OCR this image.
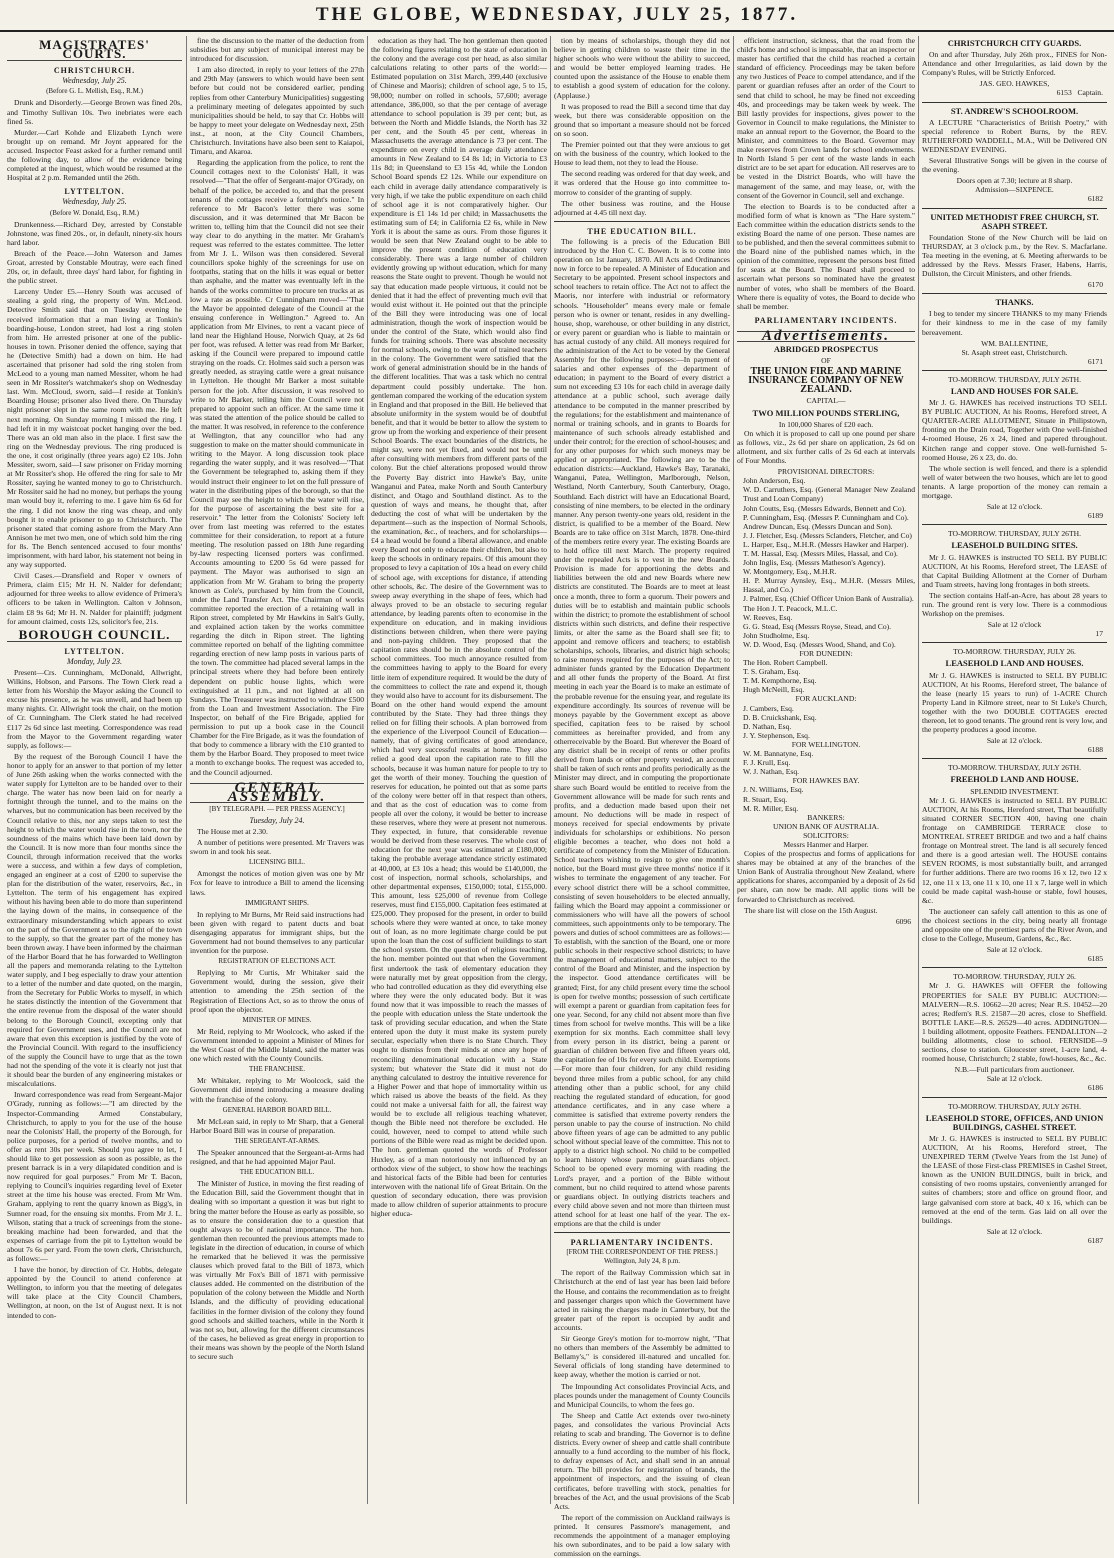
THE GLOBE, WEDNESDAY, JULY 25, 1877.
MAGISTRATES' COURTS.
CHRISTCHURCH.
Wednesday, July 25.
(Before G. L. Mellish, Esq., R.M.)

Drunk and Disorderly.—George Brown was fined 20s, and Timothy Sullivan 10s. Two inebriates were each fined 5s.

Murder.—Carl Kohde and Elizabeth Lynch were brought up on remand. Mr Joynt appeared for the accused. Inspector Feast asked for a further remand until the following day, to allow of the evidence being completed at the inquest, which would be resumed at the Hospital at 2 p.m. Remanded until the 26th.

LYTTELTON.
Wednesday, July 25.
(Before W. Donald, Esq., R.M.)

Drunkenness.—Richard Dey, arrested by Constable Johnstone, was fined 20s., or, in default, ninety-six hours hard labor.

Breach of the Peace.—John Waterson and James Groat, arrested by Constable Moutray, were each fined 20s, or, in default, three days' hard labor, for fighting in the public street.

Larceny Under £5.—Henry South was accused of stealing a gold ring, the property of Wm. McLeod. Detective Smith said that on Tuesday evening he received information that a man living at Tonkin's boarding-house, London street, had lost a ring stolen from him. He arrested prisoner at one of the public-houses in town. Prisoner denied the offence, saying that he (Detective Smith) had a down on him. He had ascertained that prisoner had sold the ring stolen from McLeod to a young man named Messiter, whom he had seen in Mr Rossiter's watchmaker's shop on Wednesday last. Wm. McCloud, sworn, said—I reside at Tonkin's Boarding House; prisoner also lived there. On Thursday night prisoner slept in the same room with me. He left next morning. On Sunday morning I missed the ring. I had left it in my waistcoat pocket hanging over the bed. There was an old man also in the place. I first saw the ring on the Wednesday previous. The ring produced is the one, it cost originally (three years ago) £2 10s. John Messiter, sworn, said—I saw prisoner on Friday morning at Mr Rossiter's shop. He offered the ring for sale to Mr Rossiter, saying he wanted money to go to Christchurch. Mr Rossiter said he had no money, but perhaps the young man would buy it, referring to me. I gave him 6s 6d for the ring. I did not know the ring was cheap, and only bought it to enable prisoner to go to Christchurch. The prisoner stated that coming ashore from the Mary Ann Annison he met two men, one of which sold him the ring for 8s. The Bench sentenced accused to four months' imprisonment, with hard labor, his statement not being in any way supported.

Civil Cases.—Dransfield and Roper v owners of Primera, claim £15; Mr H. N. Nalder for defendant; adjourned for three weeks to allow evidence of Primera's officers to be taken in Wellington. Calton v Johnson, claim £8 9s 6d; Mr H. N. Nalder for plaintiff; judgment for amount claimed, costs 12s, solicitor's fee, 21s.

BOROUGH COUNCIL.
LYTTELTON.
Monday, July 23.

Present—Crs. Cunningham, McDonald, Allwright, Wilkins, Hobson, and Parsons. The Town Clerk read a letter from his Worship the Mayor asking the Council to excuse his presence, as he was unwell, and had been up many nights. Cr. Allwright took the chair, on the motion of Cr. Cunningham. The Clerk stated he had received £117 2s 6d since last meeting. Correspondence was read from the Mayor to the Government regarding water supply, as follows:—

By the request of the Borough Council I have the honor to apply for an answer to that portion of my letter of June 26th asking when the works connected with the water supply for Lyttelton are to be handed over to their charge. The water has now been laid on for nearly a fortnight through the tunnel, and to the mains on the wharves, but no communication has been received by the Council relative to this, nor any steps taken to test the height to which the water would rise in the town, nor the soundness of the mains which have been laid down by the Council. It is now more than four months since the Council, through information received that the works were a success, and within a few days of completion, engaged an engineer at a cost of £200 to supervise the plan for the distribution of the water, reservoirs, &c., in Lyttelton. The term of his engagement has expired without his having been able to do more than superintend the laying down of the mains, in consequence of the extraordinary misunderstanding which appears to exist on the part of the Government as to the right of the town to the supply, so that the greater part of the money has been thrown away. I have been informed by the chairman of the Harbor Board that he has forwarded to Wellington all the papers and memoranda relating to the Lyttelton water supply, and I beg especially to draw your attention to a letter of the number and date quoted, on the margin, from the Secretary for Public Works to myself, in which he states distinctly the intention of the Government that the entire revenue from the disposal of the water should belong to the Borough Council, excepting only that required for Government uses, and the Council are not aware that even this exception is justified by the vote of the Provincial Council. With regard to the insufficiency of the supply the Council have to urge that as the town had not the spending of the vote it is clearly not just that it should bear the burden of any engineering mistakes or miscalculations.

Inward correspondence was read from Sergeant-Major O'Grady, running as follows:—"I am directed by the Inspector-Commanding Armed Constabulary, Christchurch, to apply to you for the use of the house near the Colonists' Hall, the property of the Borough, for police purposes, for a period of twelve months, and to offer as rent 30s per week. Should you agree to let, I should like to get possession as soon as possible, as the present barrack is in a very dilapidated condition and is now required for goal purposes." From Mr T. Bacon, replying to Council's inquiries regarding level of Exeter street at the time his house was erected. From Mr Wm. Graham, applying to rent the quarry known as Bigg's, in Sumner road, for the ensuing six months. From Mr J. L. Wilson, stating that a truck of screenings from the stone-breaking machine had been forwarded, and that the expenses of carriage from the pit to Lyttelton would be about 7s 6s per yard. From the town clerk, Christchurch, as follows:—

I have the honor, by direction of Cr. Hobbs, delegate appointed by the Council to attend conference at Wellington, to inform you that the meeting of delegates will take place at the City Council Chambers, Wellington, at noon, on the 1st of August next. It is not intended to con-

fine the discussion to the matter of the deduction from subsidies but any subject of municipal interest may be introduced for discussion.

I am also directed, in reply to your letters of the 27th and 29th May (answers to which would have been sent before but could not be considered earlier, pending replies from other Canterbury Municipalities) suggesting a preliminary meeting of delegates appointed by such municipalities should be held, to say that Cr. Hobbs will be happy to meet your delegate on Wednesday next, 25th inst., at noon, at the City Council Chambers, Christchurch. Invitations have also been sent to Kaiapoi, Timaru, and Akaroa.

Regarding the application from the police, to rent the Council cottages next to the Colonists' Hall, it was resolved—"That the offer of Sergeant-major O'Grady, on behalf of the police, be acceded to, and that the present tenants of the cottages receive a fortnight's notice." In reference to Mr Bacon's letter there was some discussion, and it was determined that Mr Bacon be written to, telling him that the Council did not see their way clear to do anything in the matter. Mr Graham's request was referred to the estates committee. The letter from Mr J. L. Wilson was then considered. Several councillors spoke highly of the screenings for use on footpaths, stating that on the hills it was equal or better than asphalte, and the matter was eventually left in the hands of the works committee to procure ten trucks at as low a rate as possible. Cr Cunningham moved—"That the Mayor be appointed delegate of the Council at the ensuing conference in Wellington." Agreed to. An application from Mr Elvines, to rent a vacant piece of land near the Highland House, Norwich Quay, at 2s 6d per foot, was refused. A letter was read from Mr Barker, asking if the Council were prepared to impound cattle straying on the roads. Cr. Holmes said such a person was greatly needed, as straying cattle were a great nuisance in Lyttelton. He thought Mr Barker a most suitable person for the job. After discussion, it was resolved to write to Mr Barker, telling him the Council were not prepared to appoint such an officer. At the same time it was stated the attention of the police should be called to the matter. It was resolved, in reference to the conference at Wellington, that any councillor who had any suggestion to make on the matter should communicate in writing to the Mayor. A long discussion took place regarding the water supply, and it was resolved—"That the Government be telegraphed to, asking them if they would instruct their engineer to let on the full pressure of water in the distributing pipes of the borough, so that the Council may see the height to which the water will rise, for the purpose of ascertaining the best site for a reservoir." The letter from the Colonists' Society left over from last meeting was referred to the estates committee for their consideration, to report at a future meeting. The resolution passed on 18th June regarding by-law respecting licensed porters was confirmed. Accounts amounting to £200 5s 6d were passed for payment. The Mayor was authorised to sign an application from Mr W. Graham to bring the property known as Cole's, purchased by him from the Council, under the Land Transfer Act. The Chairman of works committee reported the erection of a retaining wall in Ripon street, completed by Mr Hawkins in Salt's Gully, and explained action taken by the works committee regarding the ditch in Ripon street. The lighting committee reported on behalf of the lighting committee regarding erection of new lamp posts in various parts of the town. The committee had placed several lamps in the principal streets where they had before been entirely dependent on public house lights, which were extinguished at 11 p.m., and not lighted at all on Sundays. The Treasurer was instructed to withdraw £500 from the Loan and Investment Association. The Fire Inspector, on behalf of the Fire Brigade, applied for permission to put up a book case in the Council Chamber for the Fire Brigade, as it was the foundation of that body to commence a library with the £10 granted to them by the Harbor Board. They proposed to meet twice a month to exchange books. The request was acceded to, and the Council adjourned.

GENERAL ASSEMBLY.
[BY TELEGRAPH. — PER PRESS AGENCY.]
Tuesday, July 24.

The House met at 2.30.

A number of petitions were presented. Mr Travers was sworn in and took his seat.

LICENSING BILL.

Amongst the notices of motion given was one by Mr Fox for leave to introduce a Bill to amend the licensing laws.

IMMIGRANT SHIPS.

In replying to Mr Burns, Mr Reid said instructions had been given with regard to patent ducts and boat disengaging apparatus for immigrant ships, but the Government had not bound themselves to any particular invention for the purpose.

REGISTRATION OF ELECTIONS ACT.

Replying to Mr Curtis, Mr Whitaker said the Government would, during the session, give their attention to amending the 25th section of the Registration of Elections Act, so as to throw the onus of proof upon the objector.

MINISTER OF MINES.

Mr Reid, replying to Mr Woolcock, who asked if the Government intended to appoint a Minister of Mines for the West Coast of the Middle Island, said the matter was one which rested with the County Councils.

THE FRANCHISE.

Mr Whitaker, replying to Mr Woolcock, said the Government did intend introducing a measure dealing with the franchise of the colony.

GENERAL HARBOR BOARD BILL.

Mr McLean said, in reply to Mr Sharp, that a General Harbor Board Bill was in course of preparation.

THE SERGEANT-AT-ARMS.

The Speaker announced that the Sergeant-at-Arms had resigned, and that he had appointed Major Paul.

THE EDUCATION BILL.

The Minister of Justice, in moving the first reading of the Education Bill, said the Government thought that in dealing with so important a question it was but right to bring the matter before the House as early as possible, so as to ensure the consideration due to a question that ought always to be of national importance. The hon. gentleman then recounted the previous attempts made to legislate in the direction of education, in course of which he remarked that he believed it was the permissive clauses which proved fatal to the Bill of 1873, which was virtually Mr Fox's Bill of 1871 with permissive clauses added. He commented on the distribution of the population of the colony between the Middle and North Islands, and the difficulty of providing educational facilities in the former division of the colony they found good schools and skilled teachers, while in the North it was not so, but, allowing for the different circumstances of the cases, he believed as great energy in proportion to their means was shown by the people of the North Island to secure such

education as they had. The hon gentleman then quoted the following figures relating to the state of education in the colony and the average cost per head, as also similar calculations relating to other parts of the world:—Estimated population on 31st March, 399,440 (exclusive of Chinese and Maoris); children of school age, 5 to 15, 98,000; number on rolled in schools, 57,600; average attendance, 386,000, so that the per centage of average attendance to school population is 39 per cent; but, as between the North and Middle Islands, the North has 32 per cent, and the South 45 per cent, whereas in Massachusetts the average attendance is 73 per cent. The expenditure on every child in average daily attendance amounts in New Zealand to £4 8s 1d; in Victoria to £3 11s 8d; in Queensland to £3 15s 4d, while the London School Board spends £2 12s. While our expenditure on each child in average daily attendance comparatively is very high, if we take the public expenditure on each child of school age it is not comparatively higher. Our expenditure is £1 14s 1d per child; in Massachusetts the estimating sum of £4; in California £2 6s, while in New York it is about the same as ours. From those figures it would be seen that New Zealand ought to be able to improve the present condition of education very considerably. There was a large number of children evidently growing up without education, which for many reasons the State ought to prevent. Though he would not say that education made people virtuous, it could not be denied that it had the effect of preventing much evil that would exist without it. He pointed out that the principle of the Bill they were introducing was one of local administration, though the work of inspection would be under the control of the State, which would also find funds for training schools. There was absolute necessity for normal schools, owing to the want of trained teachers in the colony. The Government were satisfied that the work of general administration should be in the hands of the different localities. That was a task which no central department could possibly undertake. The hon. gentleman compared the working of the education system in England and that proposed in the Bill. He believed that absolute uniformity in the system would be of doubtful benefit, and that it would be better to allow the system to grow up from the working and experience of their present School Boards. The exact boundaries of the districts, he might say, were not yet fixed, and would not be until after consulting with members from different parts of the colony. But the chief alterations proposed would throw the Poverty Bay district into Hawke's Bay, unite Wanganui and Patea, make North and South Canterbury distinct, and Otago and Southland distinct. As to the question of ways and means, he thought that, after deducting the cost of what will be undertaken by the department—such as the inspection of Normal Schools, the examination, &c., of teachers, and for scholarships—£4 a head would be found a liberal allowance, and enable every Board not only to educate their children, but also to keep the schools in ordinary repairs. Of this amount they proposed to levy a capitation of 10s a head on every child of school age, with exceptions for distance, if attending other schools, &c. The desire of the Government was to sweep away everything in the shape of fees, which had always proved to be an obstacle to securing regular attendance, by leading parents often to economise in the expenditure on education, and in making invidious distinctions between children, when there were paying and non-paying children. They proposed that the capitation rates should be in the absolute control of the school committees. Too much annoyance resulted from the committees having to apply to the Board for every little item of expenditure required. It would be the duty of the committees to collect the rate and expend it, though they would also have to account for its disbursement. The Board on the other hand would expend the amount contributed by the State. They had three things they relied on for filling their schools. A plan borrowed from the experience of the Liverpool Council of Education—namely, that of giving certificates of good attendance, which had very successful results at home. They also relied a good deal upon the capitation rate to fill the schools, because it was human nature for people to try to get the worth of their money. Touching the question of reserves for education, he pointed out that as some parts of the colony were better off in that respect than others, and that as the cost of education was to come from people all over the colony, it would be better to increase these reserves, where they were at present not numerous. They expected, in future, that considerable revenue would be derived from these reserves. The whole cost of education for the next year was estimated at £180,000; taking the probable average attendance strictly estimated at 40,000, at £3 10s a head; this would be £140,000, the cost of inspection, normal schools, scholarships, and other departmental expenses, £150,000; total, £155,000. This amount, less £25,000 of revenue from College reserves, must find £155,000. Capitation fees estimated at £25,000. They proposed for the present, in order to build schools where they were wanted at once, to take money out of loan, as no more legitimate charge could be put upon the loan than the cost of sufficient buildings to start the school system. On the question of religious teaching, the hon. member pointed out that when the Government first undertook the task of elementary education they were naturally met by great opposition from the clergy, who had controlled education as they did everything else where they were the only educated body. But it was found now that it was impossible to reach the masses of the people with education unless the State undertook the task of providing secular education, and when the State entered upon the duty it must make its system purely secular, especially when there is no State Church. They ought to dismiss from their minds at once any hope of reconciling denominational education with a State system; but whatever the State did it must not do anything calculated to destroy the intuitive reverence for a Higher Power and that hope of immortality within us which raised us above the beasts of the field. As they could not make a universal faith for all, the fairest way would be to exclude all religious teaching whatever, though the Bible need not therefore be excluded. He could, however, need to compel to attend while such portions of the Bible were read as might be decided upon. The hon. gentleman quoted the words of Professor Huxley, as of a man notoriously not influenced by an orthodox view of the subject, to show how the teachings and historical facts of the Bible had been for centuries interwoven with the national life of Great Britain. On the question of secondary education, there was provision made to allow children of superior attainments to procure higher educa-

tion by means of scholarships, though they did not believe in getting children to waste their time in the higher schools who were without the ability to succeed, and would be better employed learning trades. He counted upon the assistance of the House to enable them to establish a good system of education for the colony. (Applause.)

It was proposed to read the Bill a second time that day week, but there was considerable opposition on the ground that so important a measure should not be forced on so soon.

The Premier pointed out that they were anxious to get on with the business of the country, which looked to the House to lead them, not they to lead the House.

The second reading was ordered for that day week, and it was ordered that the House go into committee to-morrow to consider of the granting of supply.

The other business was routine, and the House adjourned at 4.45 till next day.

THE EDUCATION BILL.

The following is a precis of the Education Bill introduced by the Hon C. C. Bowen. It is to come into operation on 1st January, 1870. All Acts and Ordinances now in force to be repealed. A Minister of Education and Secretary to be appointed. Present school inspectors and school teachers to retain office. The Act not to affect the Maoris, nor interfere with industrial or reformatory schools. "Householder" means every male or female person who is owner or tenant, resides in any dwelling-house, shop, warehouse, or other building in any district, or every parent or guardian who is liable to maintain or has actual custody of any child. All moneys required for the administration of the Act to be voted by the General Assembly for the following purposes:—In payment of salaries and other expenses of the department of education; in payment to the Board of every district a sum not exceeding £3 10s for each child in average daily attendance at a public school, such average daily attendance to be computed in the manner prescribed by the regulations; for the establishment and maintenance of normal or training schools, and in grants to Boards for maintenance of such schools already established and under their control; for the erection of school-houses; and for any other purposes for which such moneys may be applied or appropriated. The following are to be the education districts:—Auckland, Hawke's Bay, Taranaki, Wanganui, Patea, Wellington, Marlborough, Nelson, Westland, North Canterbury, South Canterbury, Otago, Southland. Each district will have an Educational Board, consisting of nine members, to be elected in the ordinary manner. Any person twenty-one years old, resident in the district, is qualified to be a member of the Board. New Boards are to take office on 31st March, 1878. One-third of the members retire every year. The existing Boards are to hold office till next March. The property required under the repealed Acts is to vest in the new Boards. Provision is made for apportioning the debts and liabilities between the old and new Boards where new districts are constituted. The Boards are to meet at least once a month, three to form a quorum. Their powers and duties will be to establish and maintain public schools within the district; to promote the establishment of school districts within such districts, and define their respective limits, or alter the same as the Board shall see fit; to appoint and remove officers and teachers; to establish scholarships, schools, libraries, and district high schools; to raise moneys required for the purposes of the Act; to administer funds granted by the Education Department and all other funds the property of the Board. At first meeting in each year the Board is to make an estimate of the probable revenue for the ensuing year, and regulate its expenditure accordingly. Its sources of revenue will be moneys payable by the Government except as above specified, capitation fees to be raised by school committees as hereinafter provided, and from any otherreceivable by the Board. But wherever the Board of any district shall be in receipt of rents or other profits derived from lands or other property vested, an account shall be taken of such rents and profits periodically as the Minister may direct, and in computing the proportionate share such Board would be entitled to receive from the Government allowance will be made for such rents and profits, and a deduction made based upon their net amount. No deductions will be made in respect of moneys received for special endowments by private individuals for scholarships or exhibitions. No person eligible becomes a teacher, who does not hold a certificate of competency from the Minister of Education. School teachers wishing to resign to give one month's notice, but the Board must give three months' notice if it wishes to terminate the engagement of any teacher. For every school district there will be a school committee, consisting of seven householders to be elected annually, failing which the Board may appoint a commissioner or commissioners who will have all the powers of school committees, such appointments only to be temporary. The powers and duties of school committees are as follows:—To establish, with the sanction of the Board, one or more public schools in their respective school districts; to have the management of educational matters, subject to the control of the Board and Minister, and the inspection by the inspector. Good attendance certificates will be granted; First, for any child present every time the school is open for twelve months; possession of such certificate will exempt a parent or guardian from capitation fees for one year. Second, for any child not absent more than five times from school for twelve months. This will be a like exemption for six months. Each committee shall levy from every person in its district, being a parent or guardian of children between five and fifteen years old, the capitation fee of 10s for every such child. Exemptions—For more than four children, for any child residing beyond three miles from a public school, for any child attending other than a public school, for any child reaching the regulated standard of education, for good attendance certificates, and in any case where a committee is satisfied that extreme poverty renders the person unable to pay the course of instruction. No child above fifteen years of age can be admitted to any public school without special leave of the committee. This not to apply to a district high school. No child to be compelled to learn history whose parents or guardians object. School to be opened every morning with reading the Lord's prayer, and a portion of the Bible without comment, but no child required to attend whose parents or guardians object. In outlying districts teachers and every child above seven and not more than thirteen must attend school for at least one half of the year. The ex-emptions are that the child is under

PARLIAMENTARY INCIDENTS.
[FROM THE CORRESPONDENT OF THE PRESS.] Wellington, July 24, 8 p.m.

The report of the Railway Commission which sat in Christchurch at the end of last year has been laid before the House, and contains the recommendation as to freight and passenger charges upon which the Government have acted in raising the charges made in Canterbury, but the greater part of the report is occupied by audit and accounts.

Sir George Grey's motion for to-morrow night, "That no others than members of the Assembly be admitted to Bellamy's," is considered ill-natured and uncalled for. Several officials of long standing have determined to keep away, whether the motion is carried or not.

The Impounding Act consolidates Provincial Acts, and places pounds under the management of County Councils and Municipal Councils, to whom the fees go.

The Sheep and Cattle Act extends over two-ninety pages, and consolidates the various Provincial Acts relating to scab and branding. The Governor is to define districts. Every owner of sheep and cattle shall contribute annually to a fund according to the number of his flock, to defray expenses of Act, and shall send in an annual return. The bill provides for registration of brands, the appointment of inspectors, and the issuing of clean certificates, before travelling with stock, penalties for breaches of the Act, and the usual provisions of the Scab Acts.

The report of the commission on Auckland railways is printed. It censures Passmore's management, and recommends the appointment of a manager employing his own subordinates, and to be paid a low salary with commission on the earnings.

efficient instruction, sickness, that the road from the child's home and school is impassable, that an inspector or master has certified that the child has reached a certain standard of efficiency. Proceedings may be taken before any two Justices of Peace to compel attendance, and if the parent or guardian refuses after an order of the Court to send that child to school, he may be fined not exceeding 40s, and proceedings may be taken week by week. The Bill lastly provides for inspections, gives power to the Governor in Council to make regulations, the Minister to make an annual report to the Governor, the Board to the Minister, and committees to the Board. Governor may make reserves from Crown lands for school endowments. In North Island 5 per cent of the waste lands in each district are to be set apart for education. All reserves are to be vested in the District Boards, who will have the management of the same, and may lease, or, with the consent of the Governor in Council, sell and exchange.

The election to Boards is to be conducted after a modified form of what is known as "The Hare system." Each committee within the education districts sends to the existing Board the name of one person. These names are to be published, and then the several committees submit to the Board nine of the published names which, in the opinion of the committee, represent the persons best fitted for seats at the Board. The Board shall proceed to ascertain what persons so nominated have the greatest number of votes, who shall be members of the Board. Where there is equality of votes, the Board to decide who shall be member.

PARLIAMENTARY INCIDENTS.
Advertisements.
ABRIDGED PROSPECTUS
OF
THE UNION FIRE AND MARINE INSURANCE COMPANY OF NEW ZEALAND.
CAPITAL—
TWO MILLION POUNDS STERLING,
In 100,000 Shares of £20 each.

On which it is proposed to call up one pound per share as follows, viz., 2s 6d per share on application, 2s 6d on allotment, and six further calls of 2s 6d each at intervals of Four Months.

PROVISIONAL DIRECTORS:
John Anderson, Esq.
W. D. Carruthers, Esq. (General Manager New Zealand Trust and Loan Company)
John Coutts, Esq. (Messrs Edwards, Bennett and Co).
P. Cunningham, Esq. (Messrs P. Cunningham and Co).
Andrew Duncan, Esq. (Messrs Duncan and Son).
J. J. Fletcher, Esq. (Messrs Sclanders, Fletcher, and Co)
L. Harper, Esq., M.H.R. (Messrs Hawker and Harper).
T. M. Hassal, Esq. (Messrs Miles, Hassal, and Co).
John Inglis, Esq. (Messrs Matheson's Agency).
W. Montgomery, Esq., M.H.R.
H. P. Murray Aynsley, Esq., M.H.R. (Messrs Miles, Hassal, and Co.)
J. Palmer, Esq. (Chief Officer Union Bank of Australia).
The Hon J. T. Peacock, M.L.C.
W. Reeves, Esq.
G. G. Stead, Esq (Messrs Royse, Stead, and Co).
John Studholme, Esq.
W. D. Wood, Esq. (Messrs Wood, Shand, and Co).
FOR DUNEDIN:
The Hon. Robert Campbell.
T. S. Graham, Esq.
T. M. Kempthorne, Esq.
Hugh McNeill, Esq.
FOR AUCKLAND:
J. Cambers, Esq.
D. B. Cruickshank, Esq.
D. Nathan, Esq.
J. Y. Stephenson, Esq.
FOR WELLINGTON.
W. M. Bannatyne, Esq.
F. J. Krull, Esq.
W. J. Nathan, Esq.
FOR HAWKES BAY.
J. N. Williams, Esq.
R. Stuart, Esq.
M. R. Miller, Esq.
BANKERS:
UNION BANK OF AUSTRALIA.
SOLICITORS:
Messrs Hanmer and Harper.

Copies of the prospectus and forms of applications for shares may be obtained at any of the branches of the Union Bank of Australia throughout New Zealand, where applications for shares, accompanied by a deposit of 2s 6d per share, can now be made. All applic tions will be forwarded to Christchurch as received.

The share list will close on the 15th August.

6096
CHRISTCHURCH CITY GUARDS.

On and after Thursday, July 26th prox., FINES for Non-Attendance and other Irregularities, as laid down by the Company's Rules, will be Strictly Enforced.

JAS. GEO. HAWKES,
6153 Captain.
ST. ANDREW'S SCHOOLROOM.

A LECTURE "Characteristics of British Poetry," with special reference to Robert Burns, by the REV. RUTHERFORD WADDELL, M.A., Will be Delivered ON WEDNESDAY EVENING.

Several Illustrative Songs will be given in the course of the evening.

Doors open at 7.30; lecture at 8 sharp.
Admission—SIXPENCE.
6182
UNITED METHODIST FREE CHURCH, ST. ASAPH STREET.

Foundation Stone of the New Church will be laid on THURSDAY, at 3 o'clock p.m., by the Rev. S. Macfarlane. Tea meeting in the evening, at 6. Meeting afterwards to be addressed by the Revs. Messrs Fraser, Habens, Harris, Dullston, the Circuit Ministers, and other friends.

6170
THANKS.

I beg to tender my sincere THANKS to my many Friends for their kindness to me in the case of my family bereavement.

WM. BALLENTINE,
St. Asaph street east, Christchurch.
6171
TO-MORROW. THURSDAY, JULY 26TH.
LAND AND HOUSES FOR SALE.

Mr J. G. HAWKES has received instructions TO SELL BY PUBLIC AUCTION, At his Rooms, Hereford street, A QUARTER-ACRE ALLOTMENT, Situate in Philipstown, fronting on the Drain road, Together with One well-finished 4-roomed House, 26 x 24, lined and papered throughout. Kitchen range and copper stove. One well-furnished 5-roomed House, 26 x 23, do. do.

The whole section is well fenced, and there is a splendid well of water between the two houses, which are let to good tenants. A large proportion of the money can remain a mortgage.

Sale at 12 o'clock.
6189
TO-MORROW. THURSDAY, JULY 26TH.
LEASEHOLD BUILDING SITES.

Mr J. G. HAWKES is instructed TO SELL BY PUBLIC AUCTION, At his Rooms, Hereford street, The LEASE of that Capital Building Allotment at the Corner of Durham and Tuam streets, having long frontages in both streets.

The section contains Half-an-Acre, has about 28 years to run. The ground rent is very low. There is a commodious Workshop on the premises.

Sale at 12 o'clock
17
TO-MORROW. THURSDAY, JULY 26.
LEASEHOLD LAND AND HOUSES.

Mr J. G. HAWKES is instructed to SELL BY PUBLIC AUCTION, At his Rooms, Hereford street, The balance of the lease (nearly 15 years to run) of 1-ACRE Church Property Land in Kilmore street, near to St Luke's Church, together with the two DOUBLE COTTAGES erected thereon, let to good tenants. The ground rent is very low, and the property produces a good income.

Sale at 12 o'clock.
6188
TO-MORROW. THURSDAY, JULY 26TH.
FREEHOLD LAND AND HOUSE.
SPLENDID INVESTMENT.

Mr J. G. HAWKES is instructed to SELL BY PUBLIC AUCTION, At his Rooms, Hereford street, That beautifully situated CORNER SECTION 400, having one chain frontage on CAMBRIDGE TERRACE close to MONTREAL STREET BRIDGE and two and a half chains frontage on Montreal street. The land is all securely fenced and there is a good artesian well. The HOUSE contains SEVEN ROOMS, is most substantially built, and arranged for further additions. There are two rooms 16 x 12, two 12 x 12, one 11 x 13, one 11 x 10, one 11 x 7, large well in which could be made capital wash-house or stable, fowl houses, &c.

The auctioneer can safely call attention to this as one of the choicest sections in the city, being nearly all frontage and opposite one of the prettiest parts of the River Avon, and close to the College, Museum, Gardens, &c., &c.

Sale at 12 o'clock.
6185
TO-MORROW. THURSDAY, JULY 26.

Mr J. G. HAWKES will OFFER the following PROPERTIES for SALE BY PUBLIC AUCTION:—MALVERN—R.S. 10662—20 acres; Near R.S. 10452—20 acres; Redfern's R.S. 21587—20 acres, close to Sheffield. BOTTLE LAKE—R.S. 26529—40 acres. ADDINGTON—1 building allotment, opposite Feathers. FENDALLTON—2 building allotments, close to school. FERNSIDE—9 sections, close to station. Gloucester street, 1-acre land, 4-roomed house, Christchurch; 2 stable, fowl-houses, &c., &c.

N.B.—Full particulars from auctioneer.
Sale at 12 o'clock.
6186
TO-MORROW. THURSDAY, JULY 26TH.
LEASEHOLD STORE, OFFICES, AND UNION BUILDINGS, CASHEL STREET.

Mr J. G. HAWKES is instructed to SELL BY PUBLIC AUCTION, At his Rooms, Hereford street, The UNEXPIRED TERM (Twelve Years from the 1st June) of the LEASE of those First-class PREMISES in Cashel Street, known as the UNION BUILDINGS, built in brick, and consisting of two rooms upstairs, conveniently arranged for suites of chambers; store and office on ground floor, and large galvanised corn store at back, 40 x 16, which can be removed at the end of the term. Gas laid on all over the buildings.

Sale at 12 o'clock.
6187
